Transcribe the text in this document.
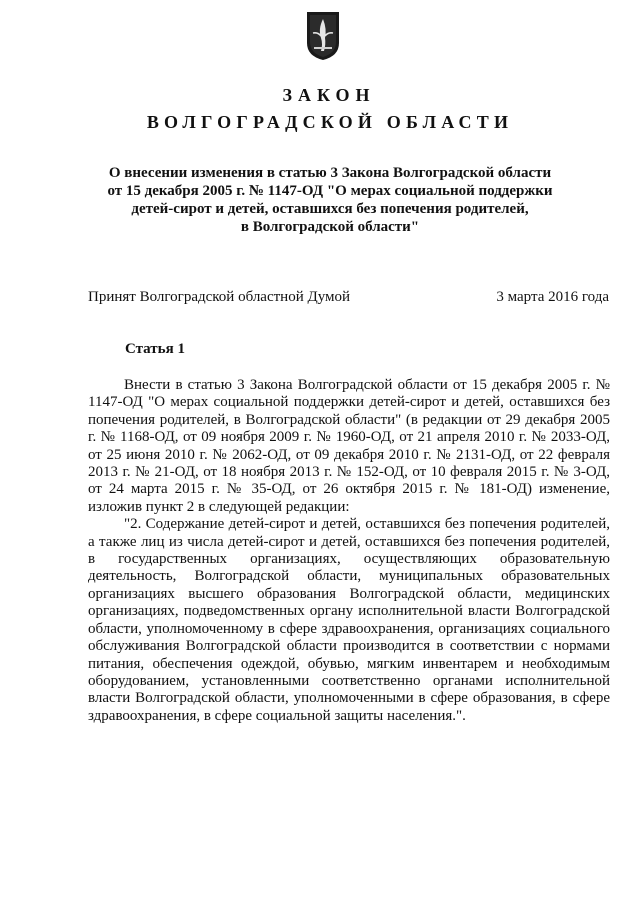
ЗАКОН
ВОЛГОГРАДСКОЙ ОБЛАСТИ
О внесении изменения в статью 3 Закона Волгоградской области
от 15 декабря 2005 г. № 1147-ОД "О мерах социальной поддержки
детей-сирот и детей, оставшихся без попечения родителей,
в Волгоградской области"
Принят Волгоградской областной Думой	3 марта 2016 года
Статья 1

Внести в статью 3 Закона Волгоградской области от 15 декабря 2005 г. № 1147-ОД "О мерах социальной поддержки детей-сирот и детей, оставшихся без попечения родителей, в Волгоградской области" (в редакции от 29 декабря 2005 г. № 1168-ОД, от 09 ноября 2009 г. № 1960-ОД, от 21 апреля 2010 г. № 2033-ОД, от 25 июня 2010 г. № 2062-ОД, от 09 декабря 2010 г. № 2131-ОД, от 22 февраля 2013 г. № 21-ОД, от 18 ноября 2013 г. № 152-ОД, от 10 февраля 2015 г. № 3-ОД, от 24 марта 2015 г. № 35-ОД, от 26 октября 2015 г. № 181-ОД) изменение, изложив пункт 2 в следующей редакции:

"2. Содержание детей-сирот и детей, оставшихся без попечения родителей, а также лиц из числа детей-сирот и детей, оставшихся без попечения родителей, в государственных организациях, осуществляющих образовательную деятельность, Волгоградской области, муниципальных образовательных организациях высшего образования Волгоградской области, медицинских организациях, подведомственных органу исполнительной власти Волгоградской области, уполномоченному в сфере здравоохранения, организациях социального обслуживания Волгоградской области производится в соответствии с нормами питания, обеспечения одеждой, обувью, мягким инвентарем и необходимым оборудованием, установленными соответственно органами исполнительной власти Волгоградской области, уполномоченными в сфере образования, в сфере здравоохранения, в сфере социальной защиты населения.".
